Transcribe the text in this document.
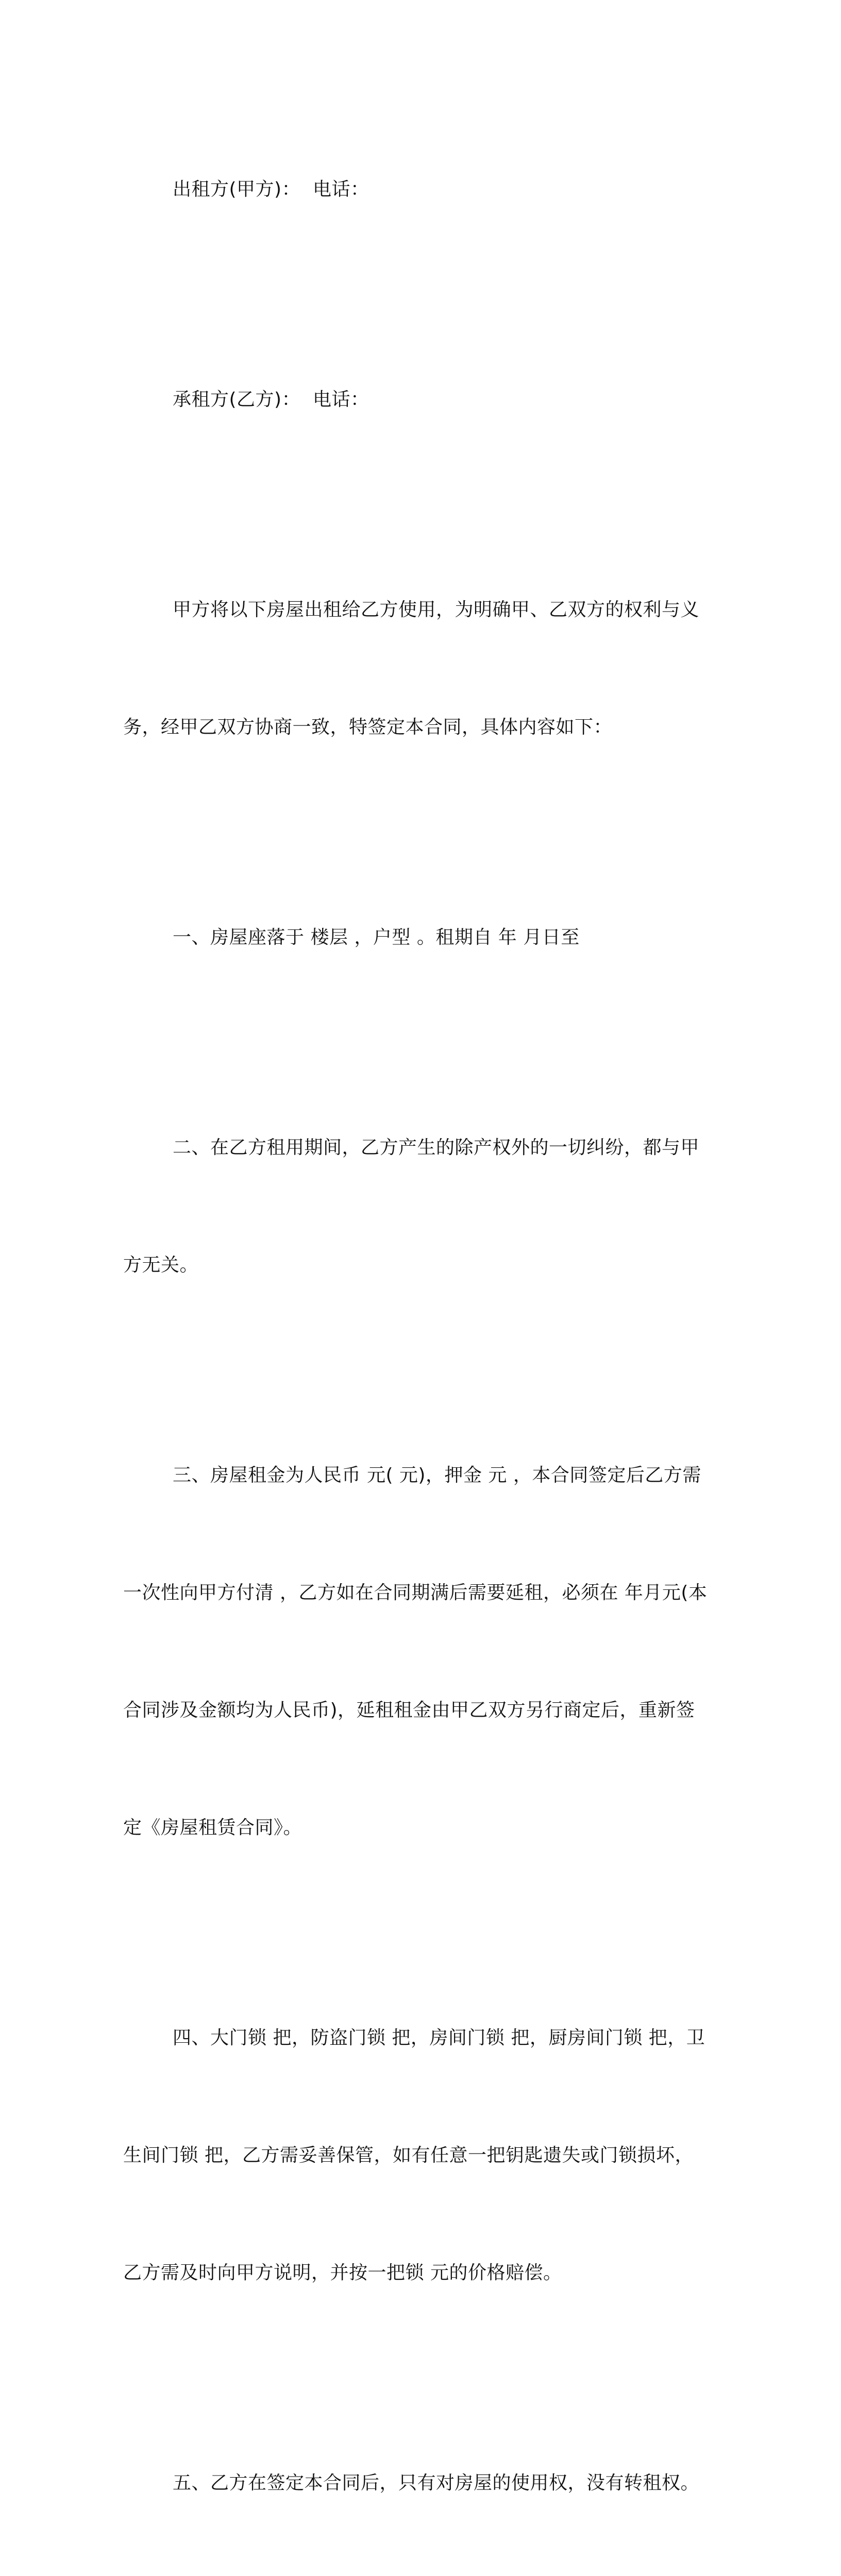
出租方(甲方)：  电话：

承租方(乙方)：  电话：

甲方将以下房屋出租给乙方使用，为明确甲、乙双方的权利与义

务，经甲乙双方协商一致，特签定本合同，具体内容如下：

一、房屋座落于 楼层 ，户型 。租期自 年 月日至

二、在乙方租用期间，乙方产生的除产权外的一切纠纷，都与甲

方无关。

三、房屋租金为人民币 元( 元)，押金 元 ，本合同签定后乙方需

一次性向甲方付清 ，乙方如在合同期满后需要延租，必须在 年月元(本

合同涉及金额均为人民币)，延租租金由甲乙双方另行商定后，重新签

定《房屋租赁合同》。

四、大门锁 把，防盗门锁 把，房间门锁 把，厨房间门锁 把，卫

生间门锁 把，乙方需妥善保管，如有任意一把钥匙遗失或门锁损坏，

乙方需及时向甲方说明，并按一把锁 元的价格赔偿。

五、乙方在签定本合同后，只有对房屋的使用权，没有转租权。
